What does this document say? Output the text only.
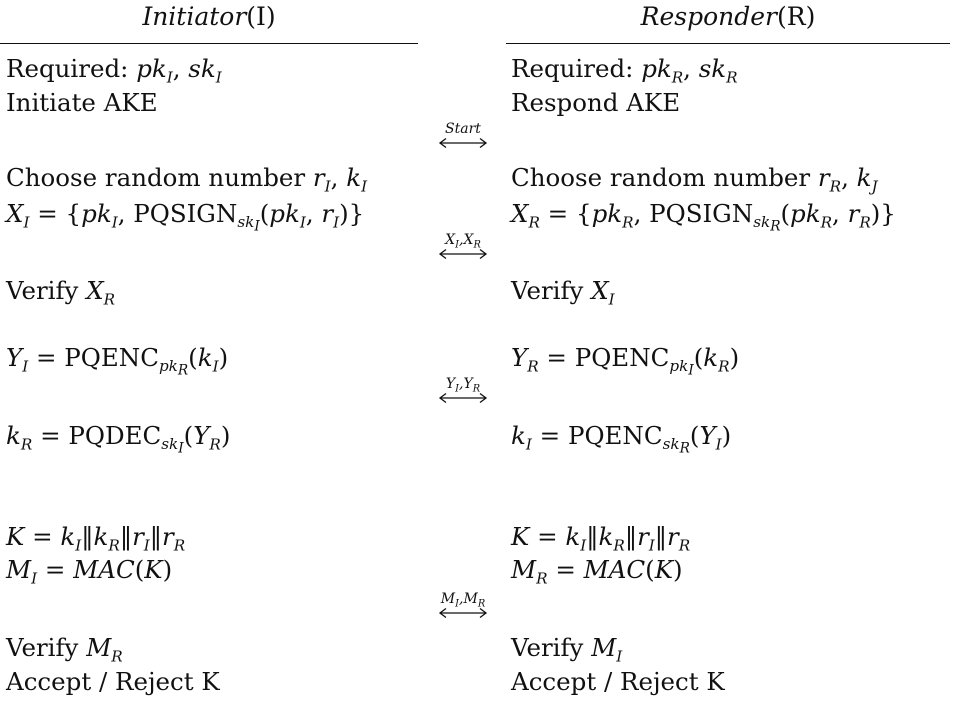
Initiator(I)	Responder(R)
Required: $pk_I$, $sk_I$
Initiate AKE
Choose random number $r_I$, $k_I$
$X_I = \{pk_I$, $PQSIGN_{sk_I}(pk_I$, $r_I$)}
Verify $X_R$
$Y_I$ = $PQENC_{pk_R}(k_I)$
$k_R$ = $PQDEC_{sk_I}(Y_R)$
$K = k_I‖k_R‖r_I‖r_R$
$M_I = MAC(K)$
Verify $M_R$
Accept / Reject K
Required: $pk_R$, $sk_R$
Respond AKE
Choose random number $r_R$, $k_J$
$X_R = \{pk_R$, $PQSIGN_{sk_R}(pk_R$, $r_R$)}
Verify $X_I$
$Y_R$ = $PQENC_{pk_I}(k_R)$
$k_I$ = $PQENC_{sk_R}(Y_I)$
$K = k_I‖k_R‖r_I‖r_R$
$M_R = MAC(K)$
Verify $M_I$
Accept / Reject K
Start
$X_I,X_R$
$Y_I,Y_R$
$M_I,M_R$
